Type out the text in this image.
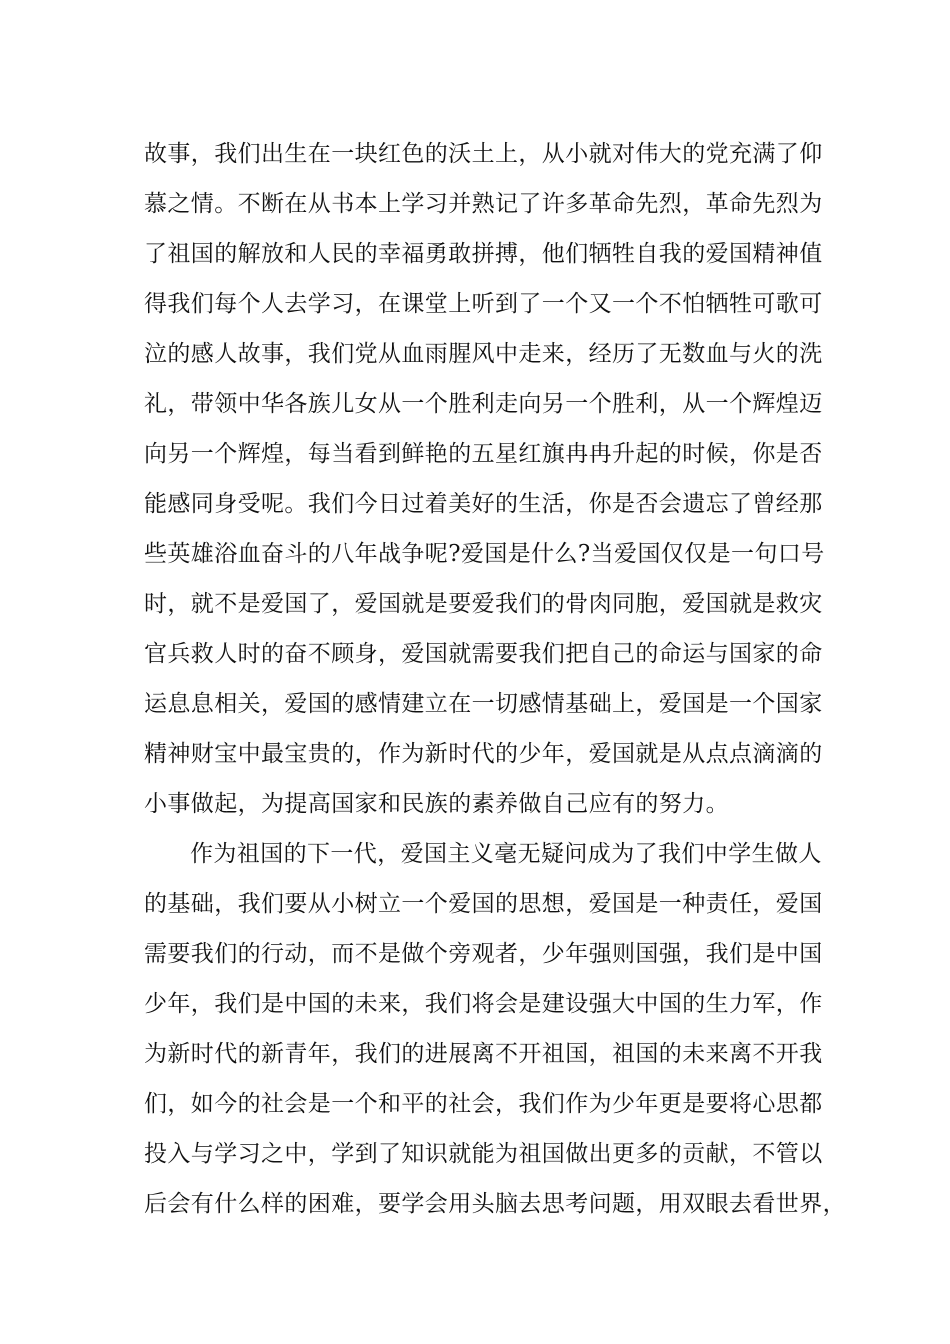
故事，我们出生在一块红色的沃土上，从小就对伟大的党充满了仰
慕之情。不断在从书本上学习并熟记了许多革命先烈，革命先烈为
了祖国的解放和人民的幸福勇敢拼搏，他们牺牲自我的爱国精神值
得我们每个人去学习，在课堂上听到了一个又一个不怕牺牲可歌可
泣的感人故事，我们党从血雨腥风中走来，经历了无数血与火的洗
礼，带领中华各族儿女从一个胜利走向另一个胜利，从一个辉煌迈
向另一个辉煌，每当看到鲜艳的五星红旗冉冉升起的时候，你是否
能感同身受呢。我们今日过着美好的生活，你是否会遗忘了曾经那
些英雄浴血奋斗的八年战争呢?爱国是什么?当爱国仅仅是一句口号
时，就不是爱国了，爱国就是要爱我们的骨肉同胞，爱国就是救灾
官兵救人时的奋不顾身，爱国就需要我们把自己的命运与国家的命
运息息相关，爱国的感情建立在一切感情基础上，爱国是一个国家
精神财宝中最宝贵的，作为新时代的少年，爱国就是从点点滴滴的
小事做起，为提高国家和民族的素养做自己应有的努力。
作为祖国的下一代，爱国主义毫无疑问成为了我们中学生做人
的基础，我们要从小树立一个爱国的思想，爱国是一种责任，爱国
需要我们的行动，而不是做个旁观者，少年强则国强，我们是中国
少年，我们是中国的未来，我们将会是建设强大中国的生力军，作
为新时代的新青年，我们的进展离不开祖国，祖国的未来离不开我
们，如今的社会是一个和平的社会，我们作为少年更是要将心思都
投入与学习之中，学到了知识就能为祖国做出更多的贡献，不管以
后会有什么样的困难，要学会用头脑去思考问题，用双眼去看世界，
